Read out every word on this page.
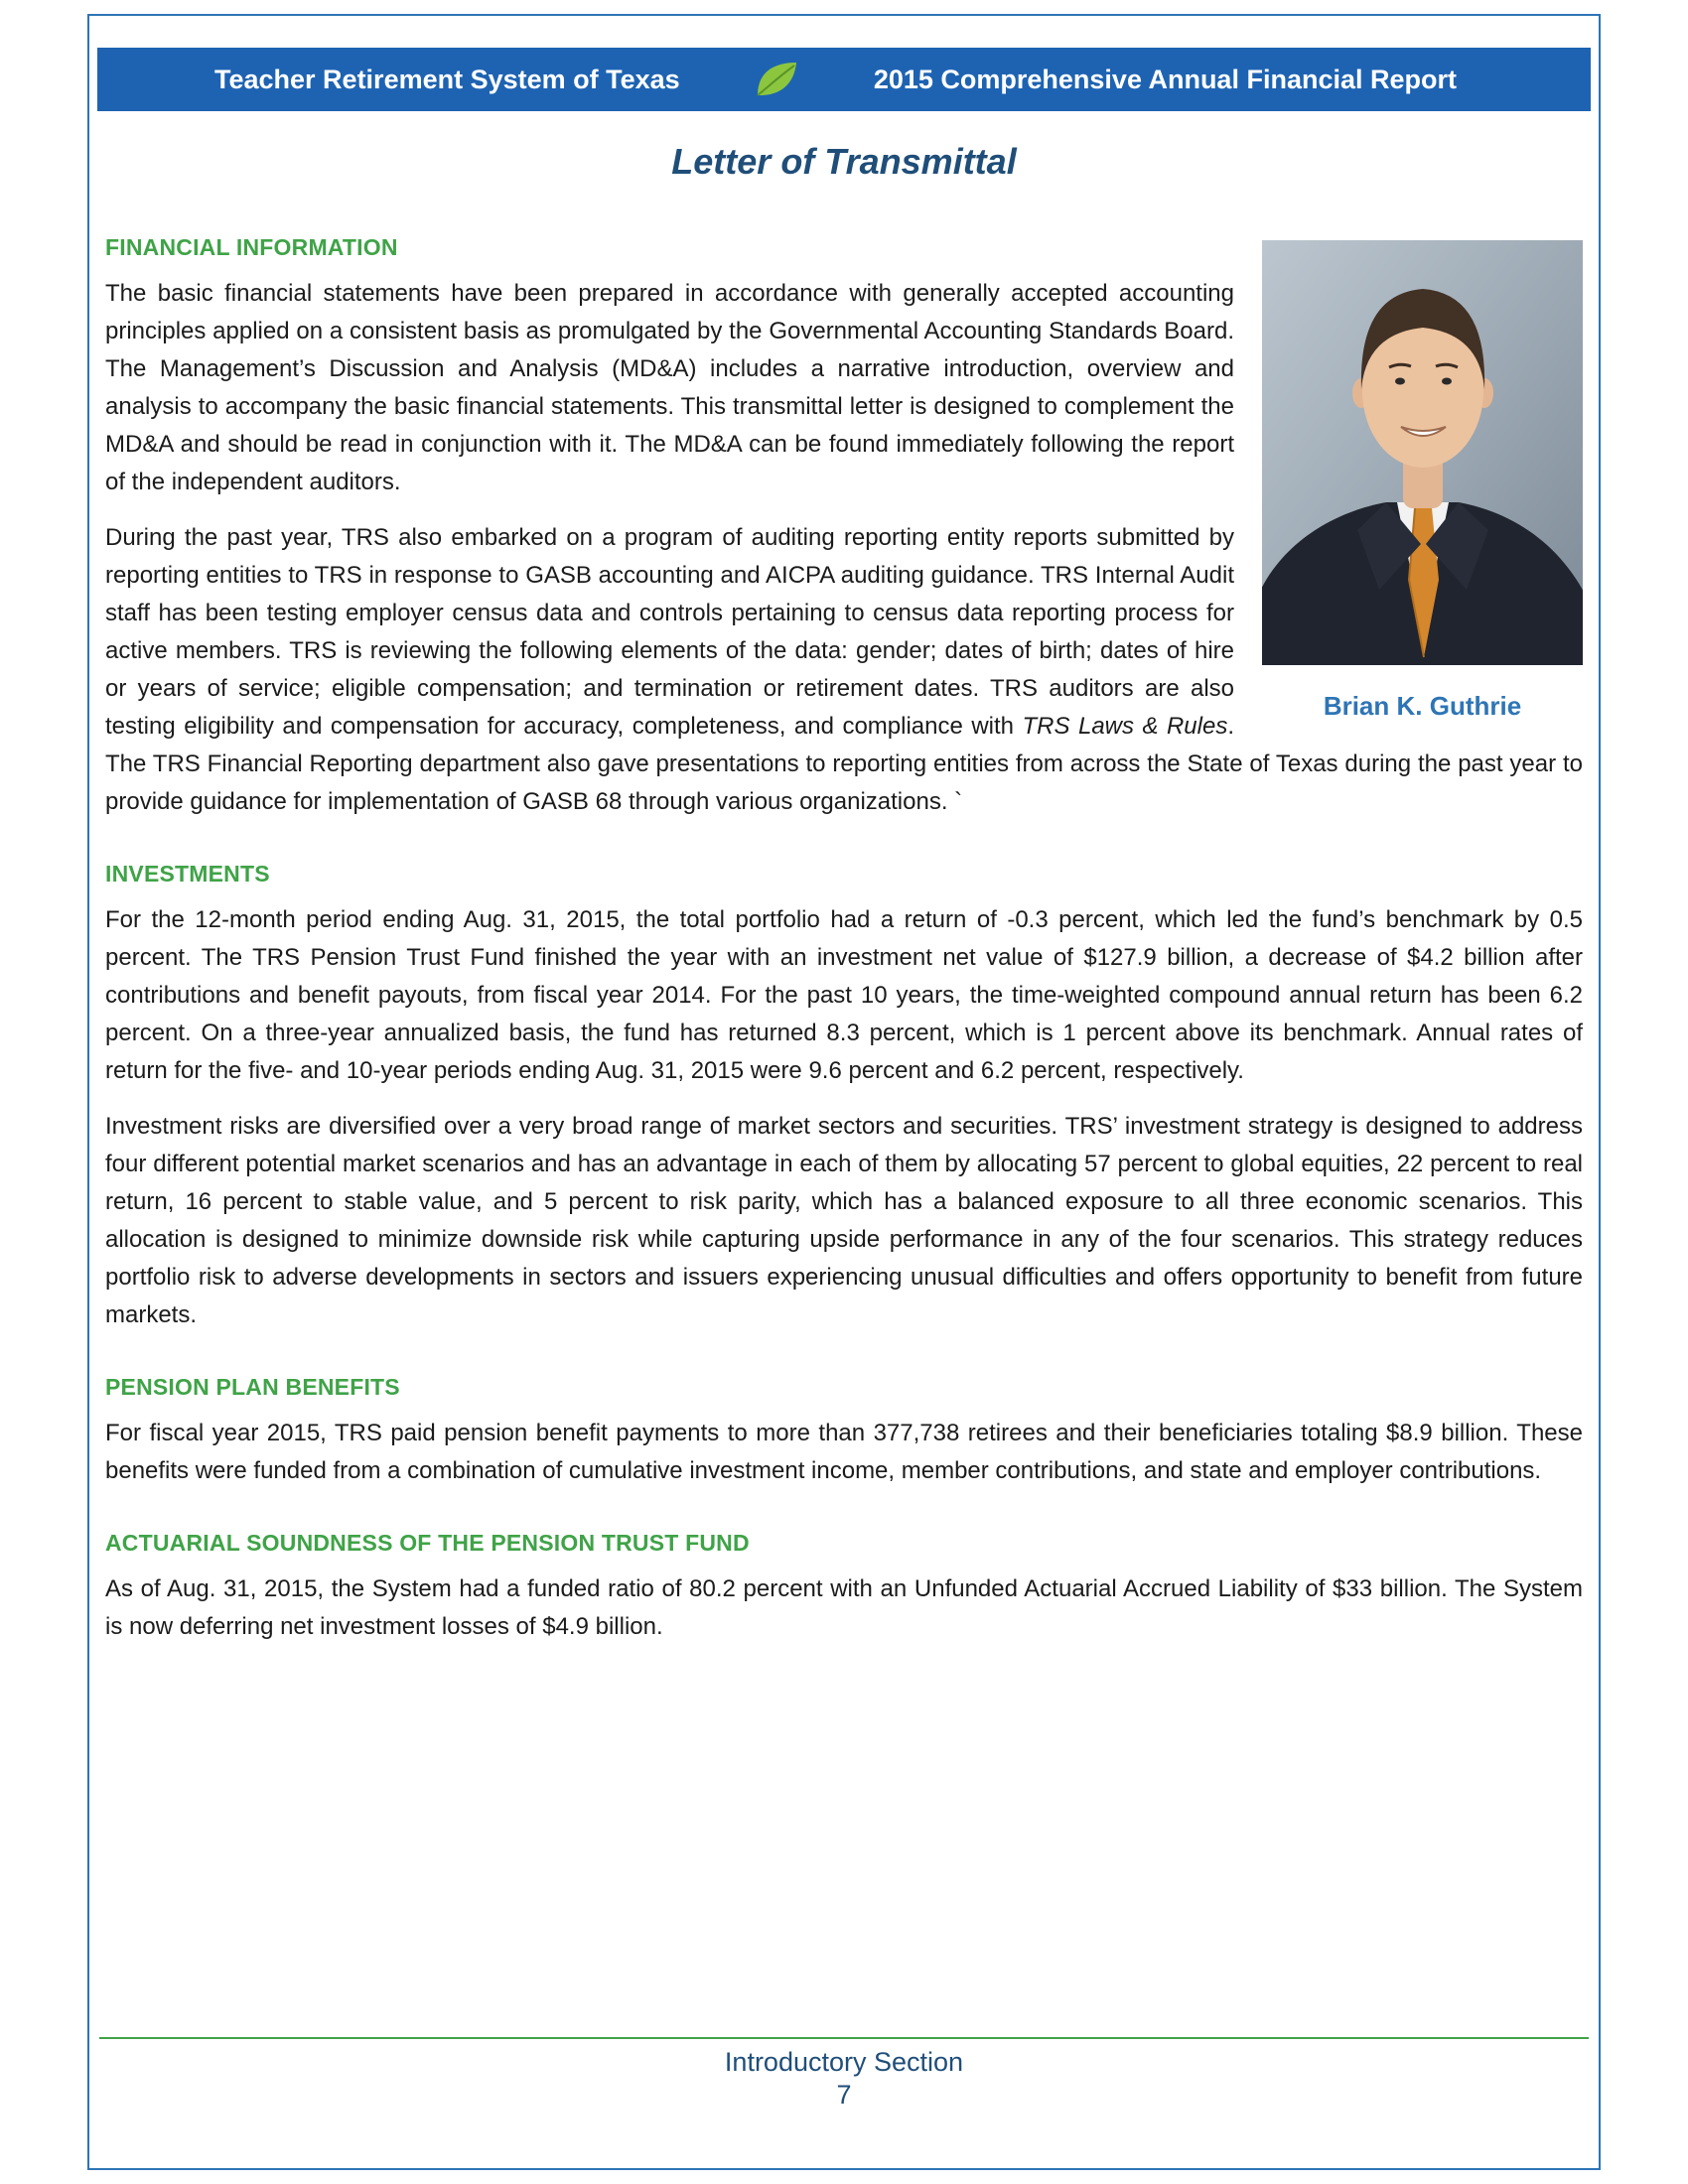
Teacher Retirement System of Texas	2015 Comprehensive Annual Financial Report
Letter of Transmittal
Brian K. Guthrie
FINANCIAL INFORMATION

The basic financial statements have been prepared in accordance with generally accepted accounting principles applied on a consistent basis as promulgated by the Governmental Accounting Standards Board. The Management’s Discussion and Analysis (MD&A) includes a narrative introduction, overview and analysis to accompany the basic financial statements. This transmittal letter is designed to complement the MD&A and should be read in conjunction with it. The MD&A can be found immediately following the report of the independent auditors.

During the past year, TRS also embarked on a program of auditing reporting entity reports submitted by reporting entities to TRS in response to GASB accounting and AICPA auditing guidance. TRS Internal Audit staff has been testing employer census data and controls pertaining to census data reporting process for active members. TRS is reviewing the following elements of the data: gender; dates of birth; dates of hire or years of service; eligible compensation; and termination or retirement dates. TRS auditors are also testing eligibility and compensation for accuracy, completeness, and compliance with TRS Laws & Rules. The TRS Financial Reporting department also gave presentations to reporting entities from across the State of Texas during the past year to provide guidance for implementation of GASB 68 through various organizations. `

INVESTMENTS

For the 12-month period ending Aug. 31, 2015, the total portfolio had a return of -0.3 percent, which led the fund’s benchmark by 0.5 percent. The TRS Pension Trust Fund finished the year with an investment net value of $127.9 billion, a decrease of $4.2 billion after contributions and benefit payouts, from fiscal year 2014. For the past 10 years, the time-weighted compound annual return has been 6.2 percent. On a three-year annualized basis, the fund has returned 8.3 percent, which is 1 percent above its benchmark. Annual rates of return for the five- and 10-year periods ending Aug. 31, 2015 were 9.6 percent and 6.2 percent, respectively.

Investment risks are diversified over a very broad range of market sectors and securities. TRS’ investment strategy is designed to address four different potential market scenarios and has an advantage in each of them by allocating 57 percent to global equities, 22 percent to real return, 16 percent to stable value, and 5 percent to risk parity, which has a balanced exposure to all three economic scenarios. This allocation is designed to minimize downside risk while capturing upside performance in any of the four scenarios. This strategy reduces portfolio risk to adverse developments in sectors and issuers experiencing unusual difficulties and offers opportunity to benefit from future markets.

PENSION PLAN BENEFITS

For fiscal year 2015, TRS paid pension benefit payments to more than 377,738 retirees and their beneficiaries totaling $8.9 billion. These benefits were funded from a combination of cumulative investment income, member contributions, and state and employer contributions.

ACTUARIAL SOUNDNESS OF THE PENSION TRUST FUND

As of Aug. 31, 2015, the System had a funded ratio of 80.2 percent with an Unfunded Actuarial Accrued Liability of $33 billion. The System is now deferring net investment losses of $4.9 billion.

Introductory Section
7
